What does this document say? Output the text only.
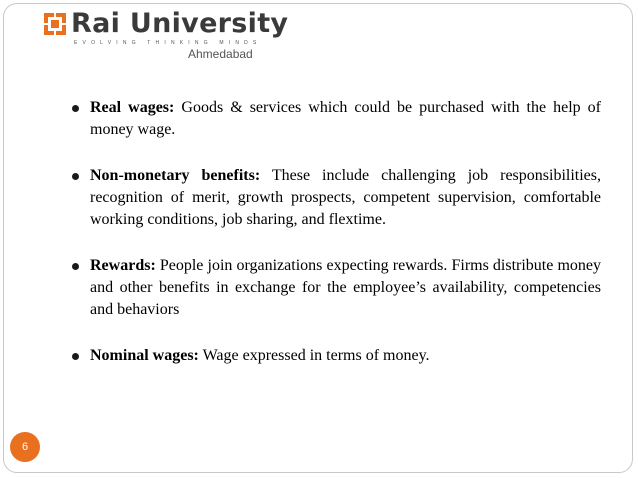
Rai University
EVOLVING THINKING MINDS
Ahmedabad
Real wages: Goods & services which could be purchased with the help of money wage.
Non-monetary benefits: These include challenging job responsibilities, recognition of merit, growth prospects, competent supervision, comfortable working conditions, job sharing, and flextime.
Rewards: People join organizations expecting rewards. Firms distribute money and other benefits in exchange for the employee’s availability, competencies and behaviors
Nominal wages: Wage expressed in terms of money.
6
